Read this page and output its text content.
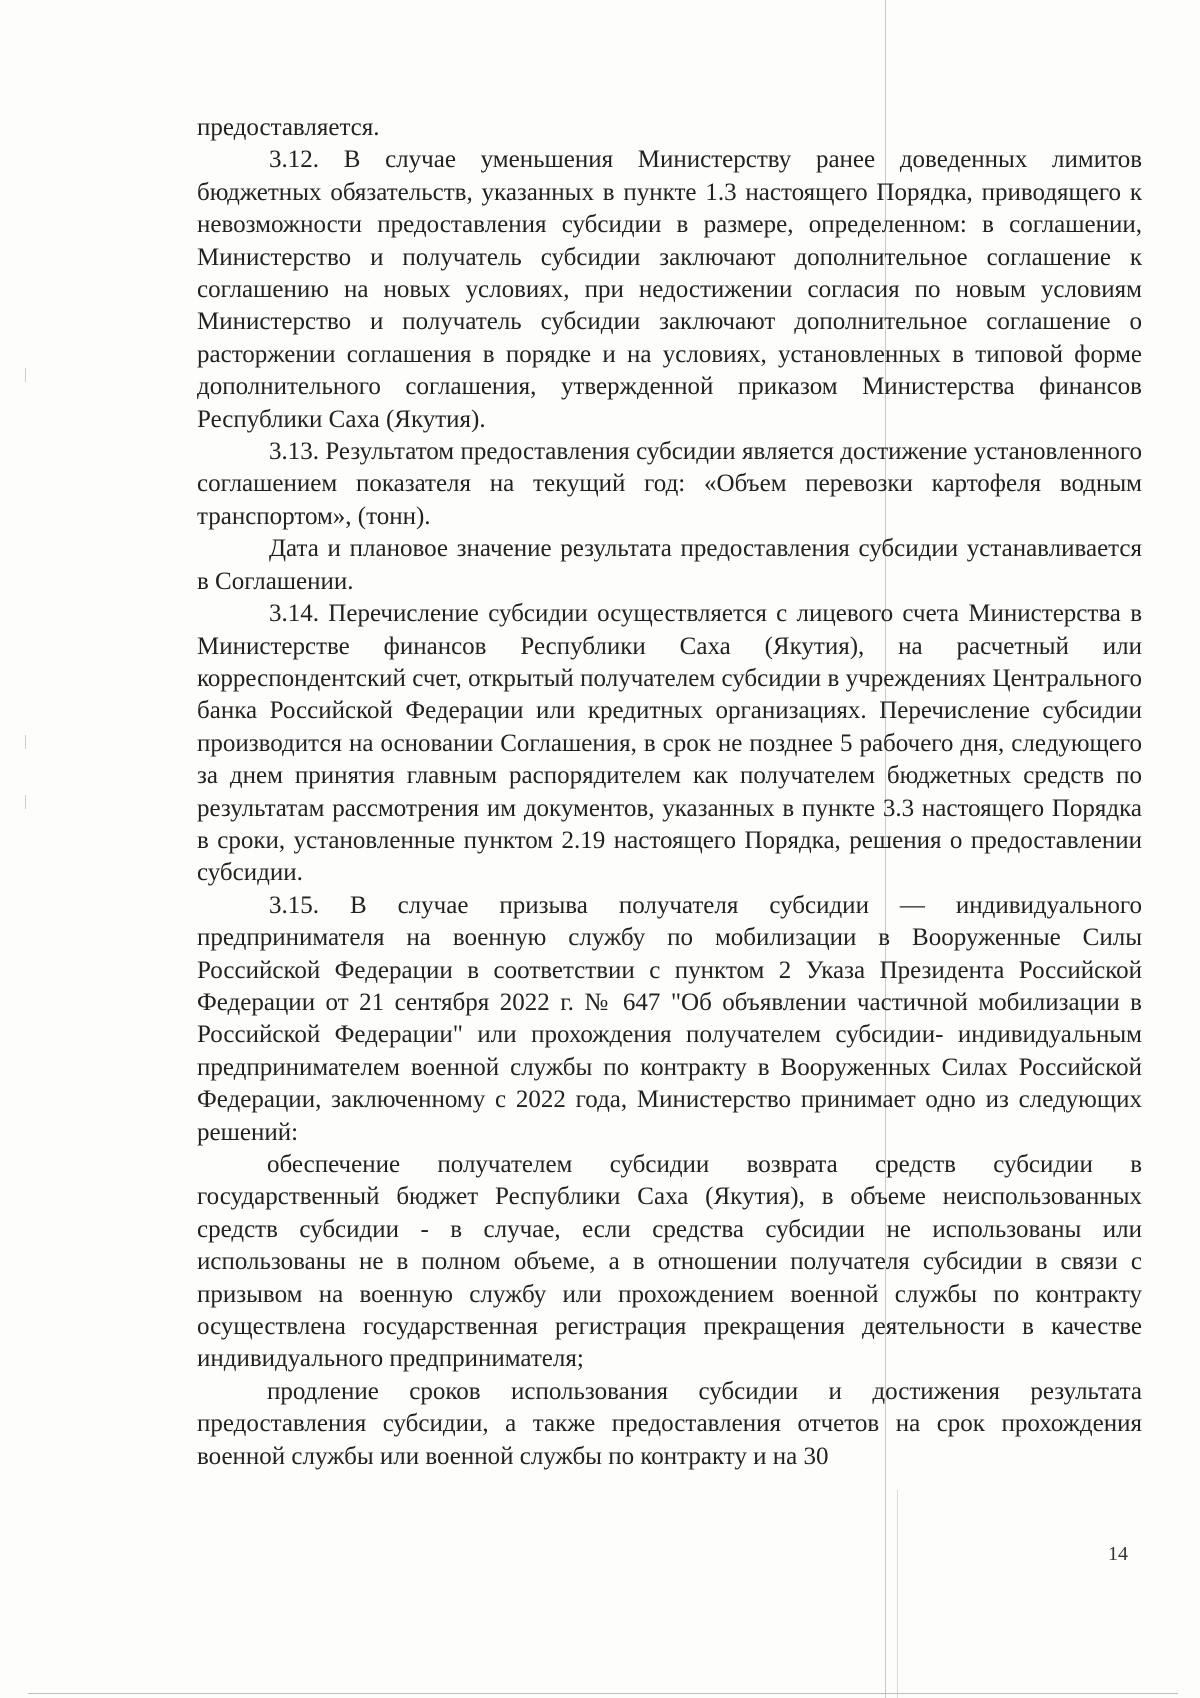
предоставляется.

3.12. В случае уменьшения Министерству ранее доведенных лимитов бюджетных обязательств, указанных в пункте 1.3 настоящего Порядка, приводящего к невозможности предоставления субсидии в размере, определенном: в соглашении, Министерство и получатель субсидии заключают дополнительное соглашение к соглашению на новых условиях, при недостижении согласия по новым условиям Министерство и получатель субсидии заключают дополнительное соглашение о расторжении соглашения в порядке и на условиях, установленных в типовой форме дополнительного соглашения, утвержденной приказом Министерства финансов Республики Саха (Якутия).

3.13. Результатом предоставления субсидии является достижение установленного соглашением показателя на текущий год: «Объем перевозки картофеля водным транспортом», (тонн).

Дата и плановое значение результата предоставления субсидии устанавливается в Соглашении.

3.14. Перечисление субсидии осуществляется с лицевого счета Министерства в Министерстве финансов Республики Саха (Якутия), на расчетный или корреспондентский счет, открытый получателем субсидии в учреждениях Центрального банка Российской Федерации или кредитных организациях. Перечисление субсидии производится на основании Соглашения, в срок не позднее 5 рабочего дня, следующего за днем принятия главным распорядителем как получателем бюджетных средств по результатам рассмотрения им документов, указанных в пункте 3.3 настоящего Порядка в сроки, установленные пунктом 2.19 настоящего Порядка, решения о предоставлении субсидии.

3.15. В случае призыва получателя субсидии — индивидуального предпринимателя на военную службу по мобилизации в Вооруженные Силы Российской Федерации в соответствии с пунктом 2 Указа Президента Российской Федерации от 21 сентября 2022 г. № 647 "Об объявлении частичной мобилизации в Российской Федерации" или прохождения получателем субсидии- индивидуальным предпринимателем военной службы по контракту в Вооруженных Силах Российской Федерации, заключенному с 2022 года, Министерство принимает одно из следующих решений:

обеспечение получателем субсидии возврата средств субсидии в государственный бюджет Республики Саха (Якутия), в объеме неиспользованных средств субсидии - в случае, если средства субсидии не использованы или использованы не в полном объеме, а в отношении получателя субсидии в связи с призывом на военную службу или прохождением военной службы по контракту осуществлена государственная регистрация прекращения деятельности в качестве индивидуального предпринимателя;

продление сроков использования субсидии и достижения результата предоставления субсидии, а также предоставления отчетов на срок прохождения военной службы или военной службы по контракту и на 30

14
